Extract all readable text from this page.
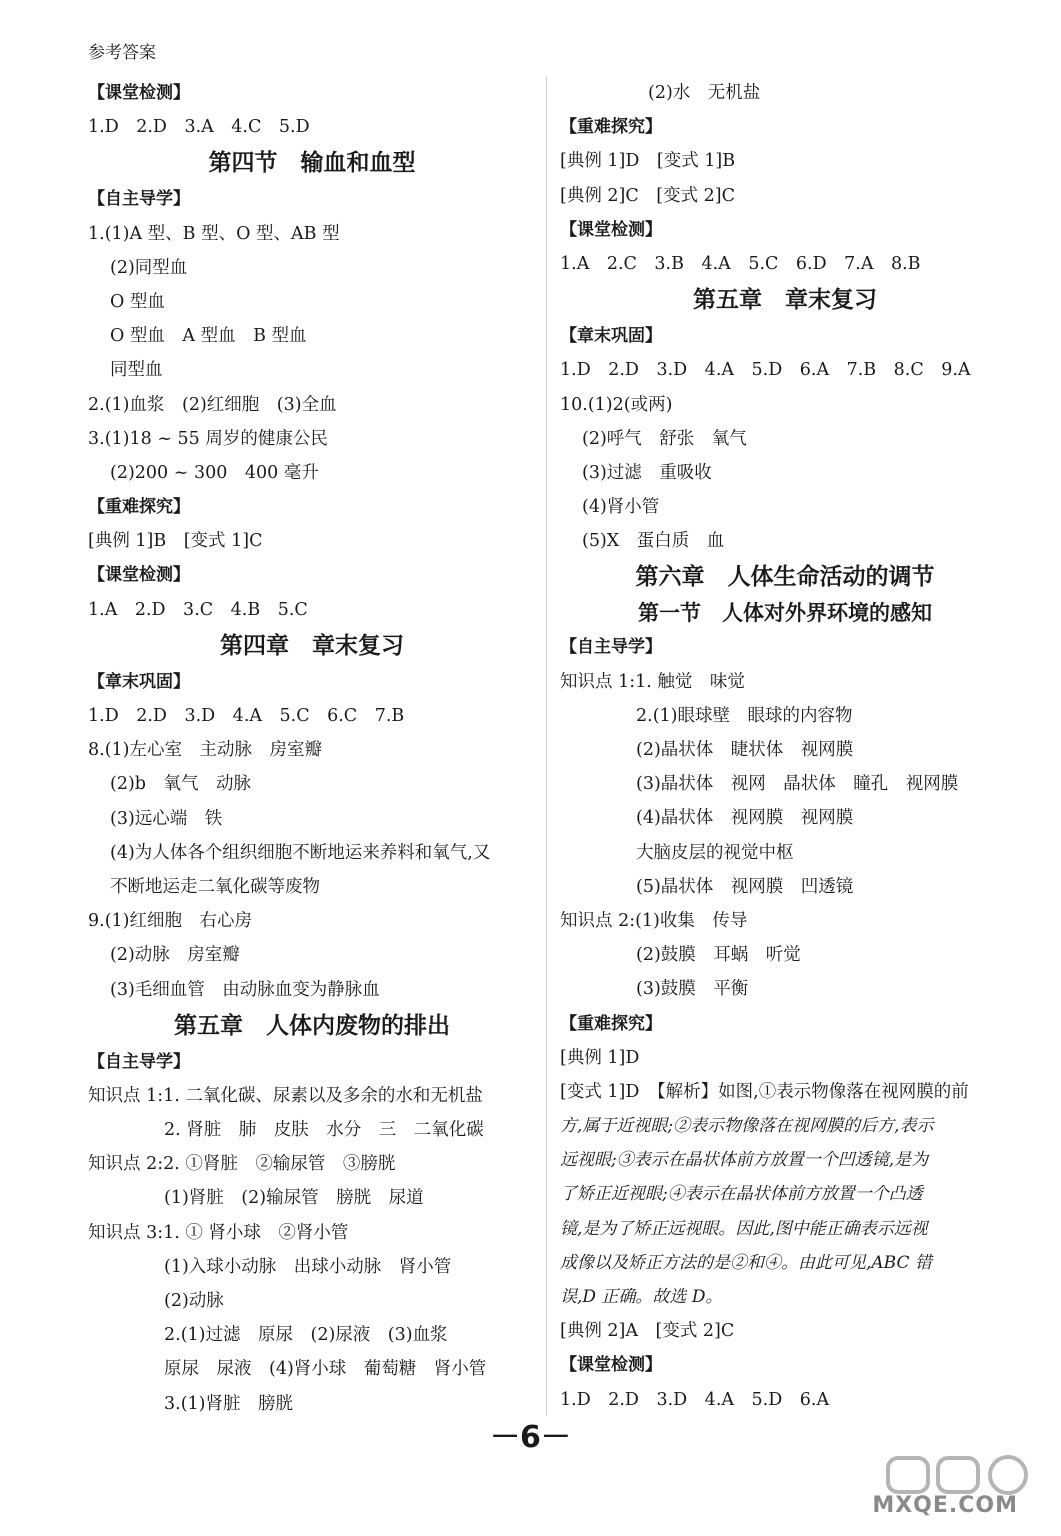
参考答案
【课堂检测】
1.D　2.D　3.A　4.C　5.D
第四节　输血和血型
【自主导学】
1.(1)A 型、B 型、O 型、AB 型
(2)同型血
O 型血
O 型血　A 型血　B 型血
同型血
2.(1)血浆　(2)红细胞　(3)全血
3.(1)18 ~ 55 周岁的健康公民
(2)200 ~ 300　400 毫升
【重难探究】
[典例 1]B　[变式 1]C
【课堂检测】
1.A　2.D　3.C　4.B　5.C
第四章　章末复习
【章末巩固】
1.D　2.D　3.D　4.A　5.C　6.C　7.B
8.(1)左心室　主动脉　房室瓣
(2)b　氧气　动脉
(3)远心端　铁
(4)为人体各个组织细胞不断地运来养料和氧气,又
不断地运走二氧化碳等废物
9.(1)红细胞　右心房
(2)动脉　房室瓣
(3)毛细血管　由动脉血变为静脉血
第五章　人体内废物的排出
【自主导学】
知识点 1:1. 二氧化碳、尿素以及多余的水和无机盐
2. 肾脏　肺　皮肤　水分　三　二氧化碳
知识点 2:2. ①肾脏　②输尿管　③膀胱
(1)肾脏　(2)输尿管　膀胱　尿道
知识点 3:1. ① 肾小球　②肾小管
(1)入球小动脉　出球小动脉　肾小管
(2)动脉
2.(1)过滤　原尿　(2)尿液　(3)血浆
原尿　尿液　(4)肾小球　葡萄糖　肾小管
3.(1)肾脏　膀胱
(2)水　无机盐
【重难探究】
[典例 1]D　[变式 1]B
[典例 2]C　[变式 2]C
【课堂检测】
1.A　2.C　3.B　4.A　5.C　6.D　7.A　8.B
第五章　章末复习
【章末巩固】
1.D　2.D　3.D　4.A　5.D　6.A　7.B　8.C　9.A
10.(1)2(或两)
(2)呼气　舒张　氧气
(3)过滤　重吸收
(4)肾小管
(5)X　蛋白质　血
第六章　人体生命活动的调节
第一节　人体对外界环境的感知
【自主导学】
知识点 1:1. 触觉　味觉
2.(1)眼球壁　眼球的内容物
(2)晶状体　睫状体　视网膜
(3)晶状体　视网　晶状体　瞳孔　视网膜
(4)晶状体　视网膜　视网膜
大脑皮层的视觉中枢
(5)晶状体　视网膜　凹透镜
知识点 2:(1)收集　传导
(2)鼓膜　耳蜗　听觉
(3)鼓膜　平衡
【重难探究】
[典例 1]D
[变式 1]D　【解析】如图,①表示物像落在视网膜的前
方,属于近视眼;②表示物像落在视网膜的后方,表示
远视眼;③表示在晶状体前方放置一个凹透镜,是为
了矫正近视眼;④表示在晶状体前方放置一个凸透
镜,是为了矫正远视眼。因此,图中能正确表示远视
成像以及矫正方法的是②和④。由此可见,ABC 错
误,D 正确。故选 D。
[典例 2]A　[变式 2]C
【课堂检测】
1.D　2.D　3.D　4.A　5.D　6.A
－6－
MXQE.COM
